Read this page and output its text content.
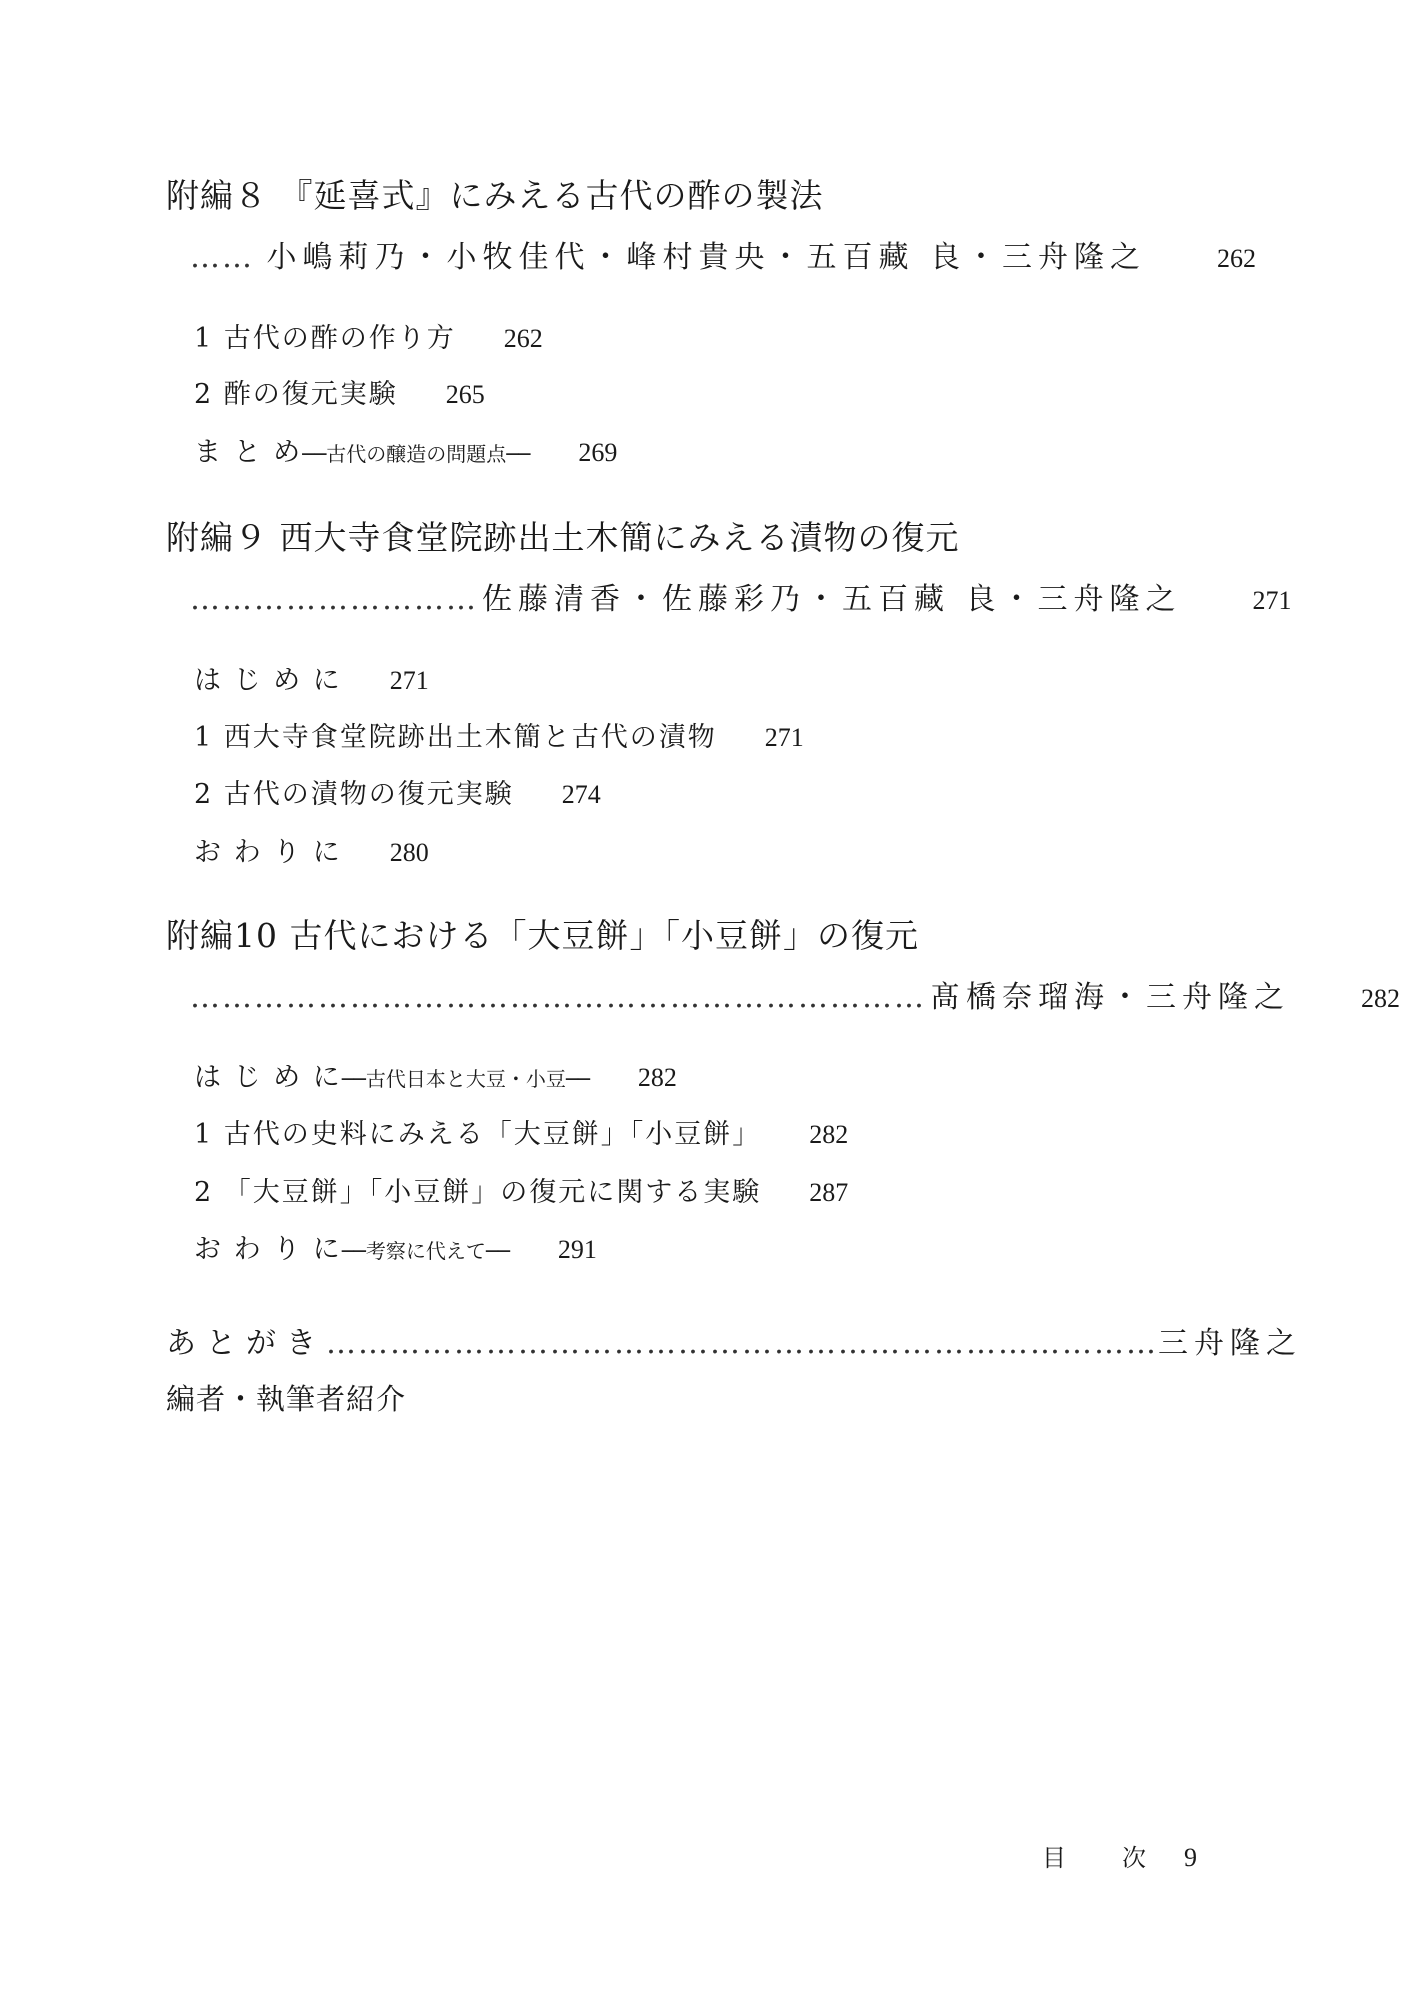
附編８ 『延喜式』にみえる古代の酢の製法
…… 小嶋莉乃・小牧佳代・峰村貴央・五百藏 良・三舟隆之	262
1 古代の酢の作り方 262
2 酢の復元実験 265
ま と め──古代の醸造の問題点── 269
附編９ 西大寺食堂院跡出土木簡にみえる漬物の復元
……………………… 佐藤清香・佐藤彩乃・五百藏 良・三舟隆之	271
は じ め に 271
1 西大寺食堂院跡出土木簡と古代の漬物 271
2 古代の漬物の復元実験 274
お わ り に 280
附編10 古代における「大豆餅」「小豆餅」の復元
…………………………………………………………… 髙橋奈瑠海・三舟隆之	282
は じ め に──古代日本と大豆・小豆── 282
1 古代の史料にみえる「大豆餅」「小豆餅」 282
2 「大豆餅」「小豆餅」の復元に関する実験 287
お わ り に──考察に代えて── 291
あとがき …………………………………………………………………… 三舟隆之
編者・執筆者紹介
目 次 9
